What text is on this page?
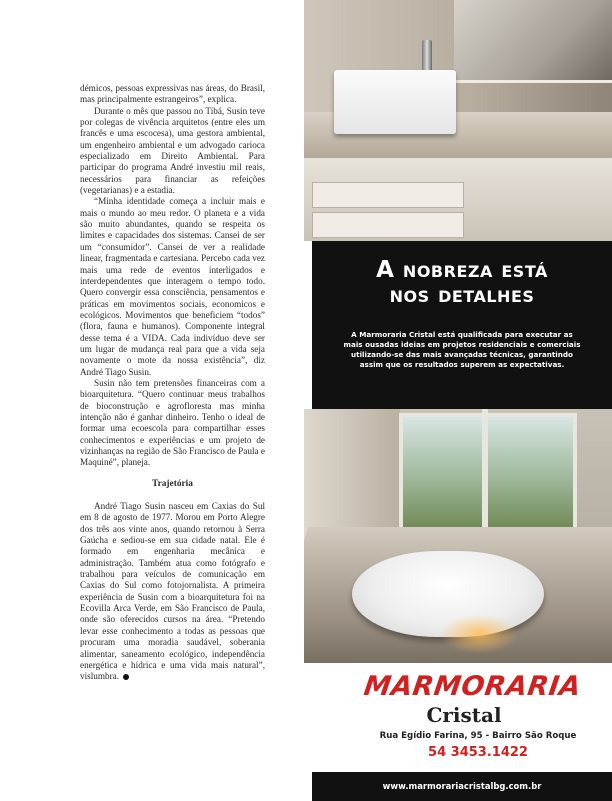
démicos, pessoas expressivas nas áreas, do Brasil, mas principalmente estrangeiros”, explica.

Durante o mês que passou no Tibá, Susin teve por colegas de vivência arquitetos (entre eles um francês e uma escocesa), uma gestora ambiental, um engenheiro ambiental e um advogado carioca especializado em Direito Ambiental. Para participar do programa André investiu mil reais, necessários para financiar as refeições (vegetarianas) e a estadia.

“Minha identidade começa a incluir mais e mais o mundo ao meu redor. O planeta e a vida são muito abundantes, quando se respeita os limites e capacidades dos sistemas. Cansei de ser um “consumidor”. Cansei de ver a realidade linear, fragmentada e cartesiana. Percebo cada vez mais uma rede de eventos interligados e interdependentes que interagem o tempo todo. Quero convergir essa consciência, pensamentos e práticas em movimentos sociais, economicos e ecológicos. Movimentos que beneficiem “todos” (flora, fauna e humanos). Componente integral desse tema é a VIDA. Cada indivíduo deve ser um lugar de mudança real para que a vida seja novamente o mote da nossa existência”, diz André Tiago Susin.

Susin não tem pretensões financeiras com a bioarquitetura. “Quero continuar meus trabalhos de bioconstrução e agrofloresta mas minha intenção não é ganhar dinheiro. Tenho o ideal de formar uma ecoescola para compartilhar esses conhecimentos e experiências e um projeto de vizinhanças na região de São Francisco de Paula e Maquiné”, planeja.

Trajetória

André Tiago Susin nasceu em Caxias do Sul em 8 de agosto de 1977. Morou em Porto Alegre dos três aos vinte anos, quando retornou à Serra Gaúcha e sediou-se em sua cidade natal. Ele é formado em engenharia mecânica e administração. Também atua como fotógrafo e trabalhou para veículos de comunicação em Caxias do Sul como fotojornalista. A primeira experiência de Susin com a bioarquitetura foi na Ecovilla Arca Verde, em São Francisco de Paula, onde são oferecidos cursos na área. “Pretendo levar esse conhecimento a todas as pessoas que procuram uma moradia saudável, soberania alimentar, saneamento ecológico, independência energética e hídrica e uma vida mais natural”, vislumbra.

A nobreza está
nos detalhes
A Marmoraria Cristal está qualificada para executar as mais ousadas ideias em projetos residenciais e comerciais utilizando-se das mais avançadas técnicas, garantindo assim que os resultados superem as expectativas.
MARMORARIA
Cristal
Rua Egídio Farina, 95 - Bairro São Roque
54 3453.1422
www.marmorariacristalbg.com.br
